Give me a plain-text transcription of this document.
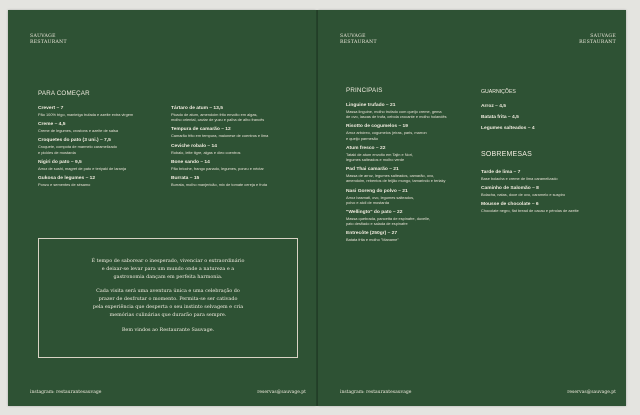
SAUVAGE
RESTAURANT
PARA COMEÇAR
Crevert – 7
Pão 100% trigo, manteiga trufada e azeite extra virgem
Creme – 4,5
Creme de legumes, crostons e azeite de salsa
Croquetes do pato (3 uni.) – 7,5
Croquete, compota de marmelo caramelizado
e pickles de mostarda
Nigiri do pato – 9,5
Arroz de sushi, magret de pato e teriyaki de laranja
Gukosa de legumes – 12
Ponzu e sementes de sésamo
Tártaro de atum – 13,5
Picado de atum, amendoim frito envolto em algas,
molho oriental, caviar de yuzu e palha de alho francês
Tempura de camarão – 12
Camarão frito em tempura, maionese de coentros e lima
Ceviche robalo – 14
Robalo, leite tigre, algas e óleo coentros
Bone sando – 14
Pão brioche, frango panado, legumes, ponzu e néctar
Burrata – 15
Burrata, molho manjericão, mix de tomate cereja e fruta

É tempo de saborear o inesperado, vivenciar o extraordinário
e deixar-se levar para um mundo onde a natureza e a
gastronomia dançam em perfeita harmonia.

Cada visita será uma aventura única e uma celebração do
prazer de desfrutar o momento. Permita-se ser cativado
pela experiência que desperta o seu instinto selvagem e cria
memórias culinárias que durarão para sempre.

Bem vindos ao Restaurante Sauvage.

instagram: restaurantesauvage	reservas@sauvage.pt
SAUVAGE
RESTAURANT
SAUVAGE
RESTAURANT
PRINCIPAIS
Linguine trufado – 21
Massa linguine, molho trufado com queijo creme, gema
de ovo, lascas de trufa, cebola crocante e molho holandês
Risotto de cogumelos – 19
Arroz arbóreo, cogumelos (eiras, paris, marron
e queijo parmesão
Atum fresco – 22
Tataki de atum envolto em Tajin e Nori,
legumes salteados e molho verde
Pad Thai camarão – 21
Massa de arroz, legumes salteados, camarão, ovo,
amendoim, rebentos de feijão mungo, tamarindo e teriaky
Nasi Goreng do polvo – 21
Arroz basmati, ovo, legumes salteados,
polvo e alcil de mostarda
"Wellingto" do pato – 22
Massa quebrada, pancetta de espinafre, duxelle,
pato desfiado e salada de espinafre
Entrecôte (250gr) – 27
Batata frita e molho "Maname"
GUARNIÇÕES
Arroz – 4,5
Batata frita – 4,5
Legumes salteados – 4
SOBREMESAS
Tarde de lima – 7
Base bolacha e creme de lima caramelizado
Caminho de Salomão – 8
Bolacha, natas, doce de ovo, caramelo e suspiro
Mousse de chocolate – 6
Chocolate negro, flat bread de cacau e pérolas de azeite
instagram: restaurantesauvage	reservas@sauvage.pt
